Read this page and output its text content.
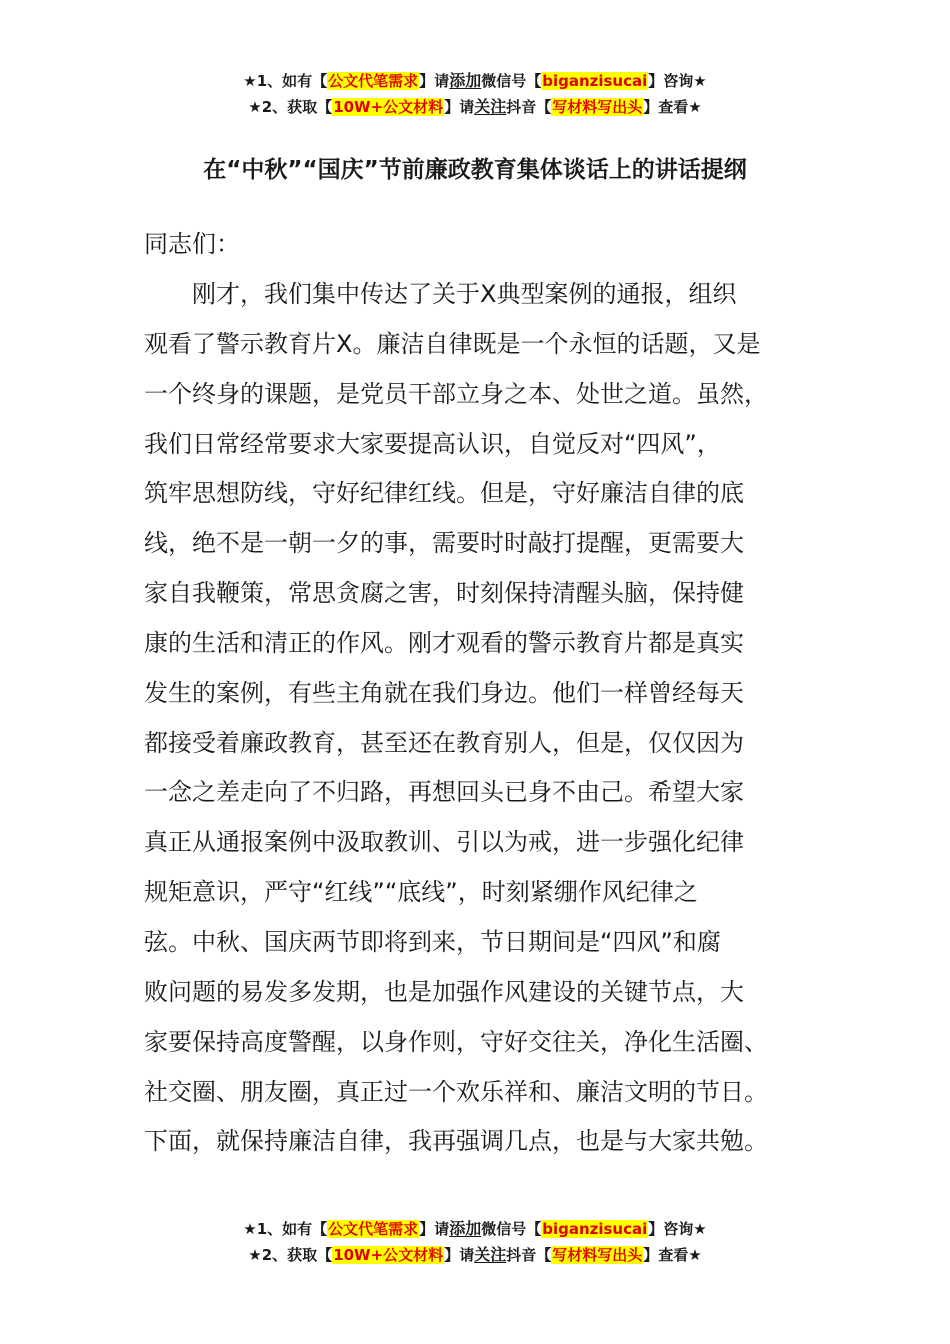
★1、如有【公文代笔需求】请添加微信号【biganzisucai】咨询★
★2、获取【10W+公文材料】请关注抖音【写材料写出头】查看★
在“中秋”“国庆”节前廉政教育集体谈话上的讲话提纲
同志们：
　　刚才，我们集中传达了关于X典型案例的通报，组织
观看了警示教育片X。廉洁自律既是一个永恒的话题，又是
一个终身的课题，是党员干部立身之本、处世之道。虽然，
我们日常经常要求大家要提高认识，自觉反对“四风”，
筑牢思想防线，守好纪律红线。但是，守好廉洁自律的底
线，绝不是一朝一夕的事，需要时时敲打提醒，更需要大
家自我鞭策，常思贪腐之害，时刻保持清醒头脑，保持健
康的生活和清正的作风。刚才观看的警示教育片都是真实
发生的案例，有些主角就在我们身边。他们一样曾经每天
都接受着廉政教育，甚至还在教育别人，但是，仅仅因为
一念之差走向了不归路，再想回头已身不由己。希望大家
真正从通报案例中汲取教训、引以为戒，进一步强化纪律
规矩意识，严守“红线”“底线”，时刻紧绷作风纪律之
弦。中秋、国庆两节即将到来，节日期间是“四风”和腐
败问题的易发多发期，也是加强作风建设的关键节点，大
家要保持高度警醒，以身作则，守好交往关，净化生活圈、
社交圈、朋友圈，真正过一个欢乐祥和、廉洁文明的节日。
下面，就保持廉洁自律，我再强调几点，也是与大家共勉。
★1、如有【公文代笔需求】请添加微信号【biganzisucai】咨询★
★2、获取【10W+公文材料】请关注抖音【写材料写出头】查看★
